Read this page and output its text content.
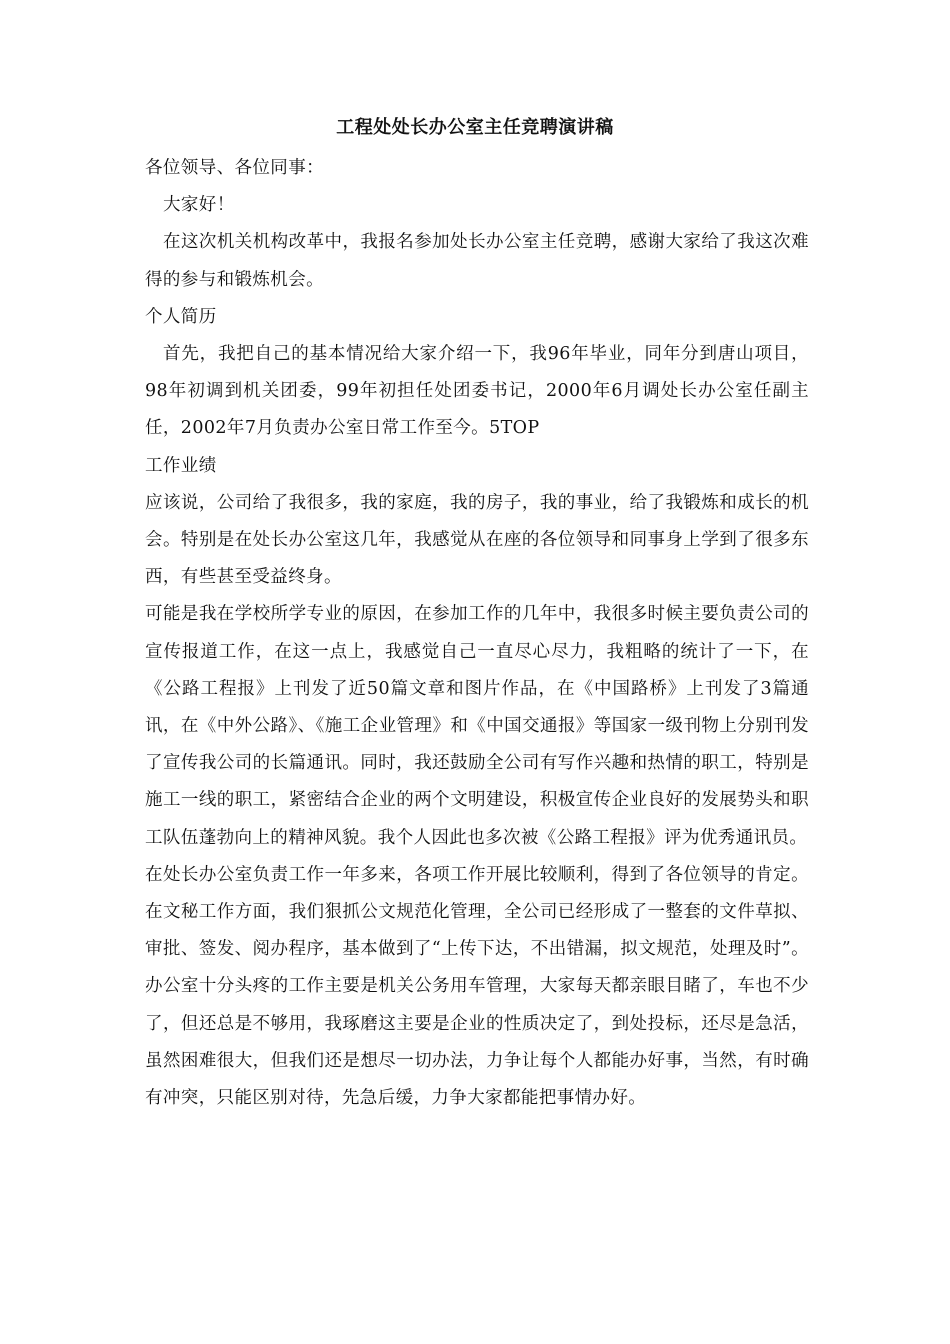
工程处处长办公室主任竞聘演讲稿

各位领导、各位同事：

大家好！

在这次机关机构改革中，我报名参加处长办公室主任竞聘，感谢大家给了我这次难得的参与和锻炼机会。

个人简历

首先，我把自己的基本情况给大家介绍一下，我96年毕业，同年分到唐山项目，98年初调到机关团委，99年初担任处团委书记，2000年6月调处长办公室任副主任，2002年7月负责办公室日常工作至今。5TOP

工作业绩

应该说，公司给了我很多，我的家庭，我的房子，我的事业，给了我锻炼和成长的机会。特别是在处长办公室这几年，我感觉从在座的各位领导和同事身上学到了很多东西，有些甚至受益终身。

可能是我在学校所学专业的原因，在参加工作的几年中，我很多时候主要负责公司的宣传报道工作，在这一点上，我感觉自己一直尽心尽力，我粗略的统计了一下，在《公路工程报》上刊发了近50篇文章和图片作品，在《中国路桥》上刊发了3篇通讯，在《中外公路》、《施工企业管理》和《中国交通报》等国家一级刊物上分别刊发了宣传我公司的长篇通讯。同时，我还鼓励全公司有写作兴趣和热情的职工，特别是施工一线的职工，紧密结合企业的两个文明建设，积极宣传企业良好的发展势头和职工队伍蓬勃向上的精神风貌。我个人因此也多次被《公路工程报》评为优秀通讯员。

在处长办公室负责工作一年多来，各项工作开展比较顺利，得到了各位领导的肯定。在文秘工作方面，我们狠抓公文规范化管理，全公司已经形成了一整套的文件草拟、审批、签发、阅办程序，基本做到了“上传下达，不出错漏，拟文规范，处理及时”。办公室十分头疼的工作主要是机关公务用车管理，大家每天都亲眼目睹了，车也不少了，但还总是不够用，我琢磨这主要是企业的性质决定了，到处投标，还尽是急活，虽然困难很大，但我们还是想尽一切办法，力争让每个人都能办好事，当然，有时确有冲突，只能区别对待，先急后缓，力争大家都能把事情办好。
